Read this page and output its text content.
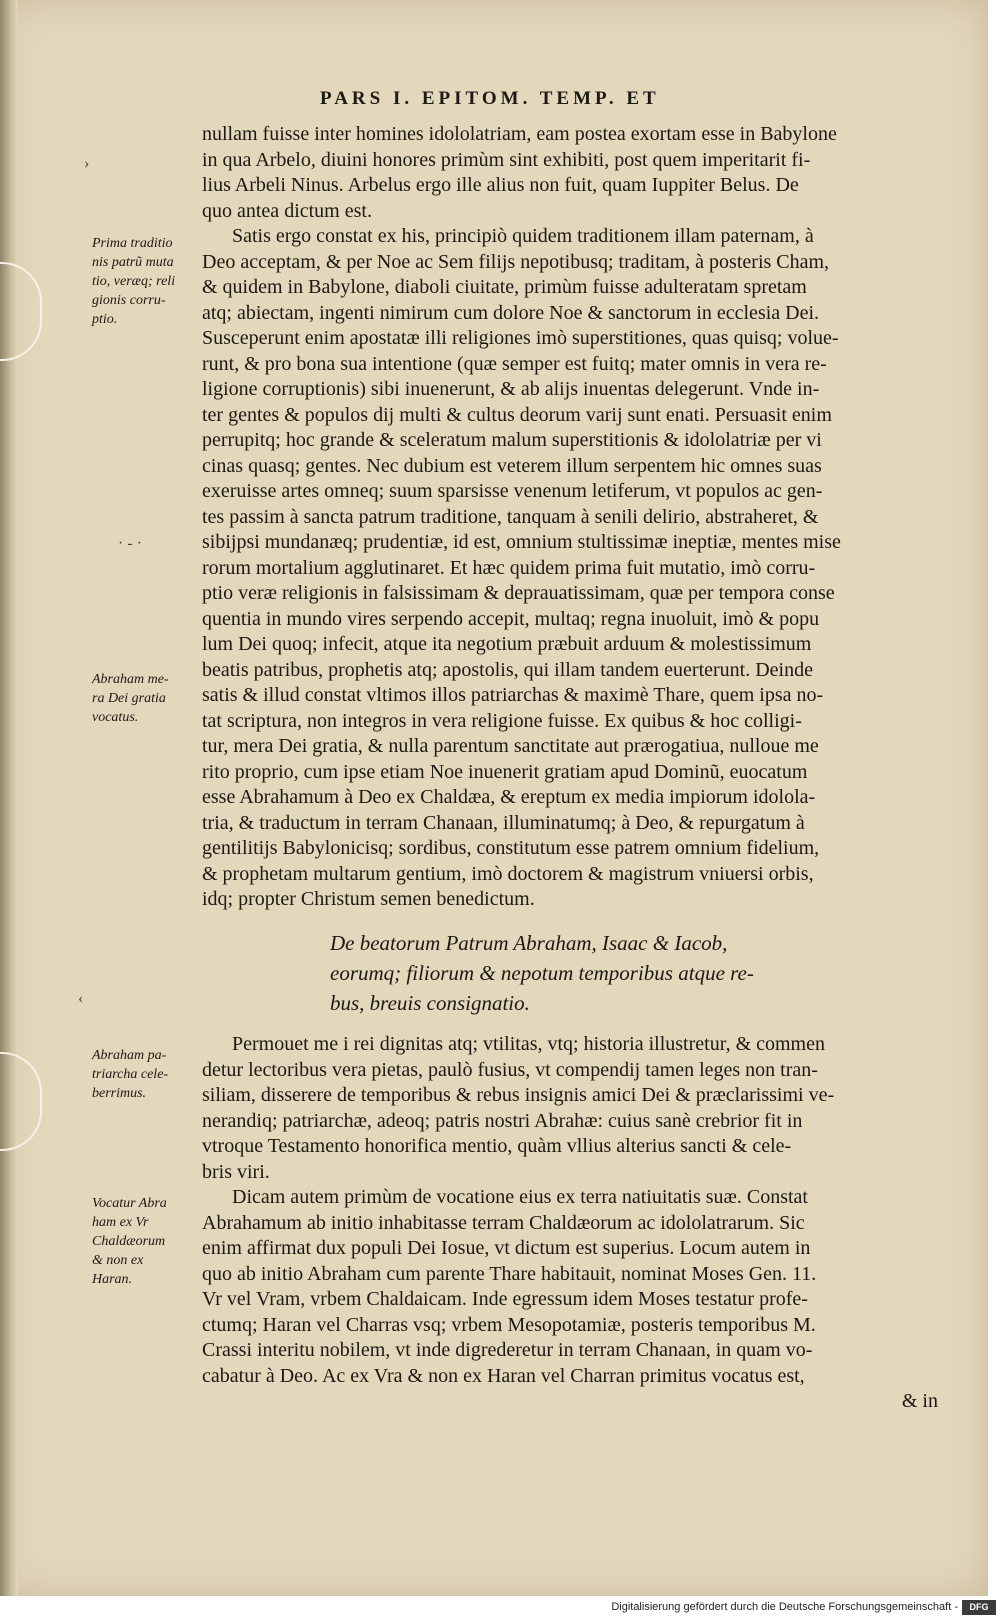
PARS I. EPITOM. TEMP. ET
nullam fuisse inter homines idololatriam, eam postea exortam esse in Babylone
in qua Arbelo, diuini honores primùm sint exhibiti, post quem imperitarit fi-
lius Arbeli Ninus. Arbelus ergo ille alius non fuit, quam Iuppiter Belus. De
quo antea dictum est.
Satis ergo constat ex his, principiò quidem traditionem illam paternam, à
Deo acceptam, & per Noe ac Sem filijs nepotibusq; traditam, à posteris Cham,
& quidem in Babylone, diaboli ciuitate, primùm fuisse adulteratam spretam
atq; abiectam, ingenti nimirum cum dolore Noe & sanctorum in ecclesia Dei.
Susceperunt enim apostatæ illi religiones imò superstitiones, quas quisq; volue-
runt, & pro bona sua intentione (quæ semper est fuitq; mater omnis in vera re-
ligione corruptionis) sibi inuenerunt, & ab alijs inuentas delegerunt. Vnde in-
ter gentes & populos dij multi & cultus deorum varij sunt enati. Persuasit enim
perrupitq; hoc grande & sceleratum malum superstitionis & idololatriæ per vi
cinas quasq; gentes. Nec dubium est veterem illum serpentem hic omnes suas
exeruisse artes omneq; suum sparsisse venenum letiferum, vt populos ac gen-
tes passim à sancta patrum traditione, tanquam à senili delirio, abstraheret, &
sibijpsi mundanæq; prudentiæ, id est, omnium stultissimæ ineptiæ, mentes mise
rorum mortalium agglutinaret. Et hæc quidem prima fuit mutatio, imò corru-
ptio veræ religionis in falsissimam & deprauatissimam, quæ per tempora conse
quentia in mundo vires serpendo accepit, multaq; regna inuoluit, imò & popu
lum Dei quoq; infecit, atque ita negotium præbuit arduum & molestissimum
beatis patribus, prophetis atq; apostolis, qui illam tandem euerterunt. Deinde
satis & illud constat vltimos illos patriarchas & maximè Thare, quem ipsa no-
tat scriptura, non integros in vera religione fuisse. Ex quibus & hoc colligi-
tur, mera Dei gratia, & nulla parentum sanctitate aut prærogatiua, nulloue me
rito proprio, cum ipse etiam Noe inuenerit gratiam apud Dominũ, euocatum
esse Abrahamum à Deo ex Chaldæa, & ereptum ex media impiorum idolola-
tria, & traductum in terram Chanaan, illuminatumq; à Deo, & repurgatum à
gentilitijs Babylonicisq; sordibus, constitutum esse patrem omnium fidelium,
& prophetam multarum gentium, imò doctorem & magistrum vniuersi orbis,
idq; propter Christum semen benedictum.
De beatorum Patrum Abraham, Isaac & Iacob,
eorumq; filiorum & nepotum temporibus atque re-
bus, breuis consignatio.
Permouet me i rei dignitas atq; vtilitas, vtq; historia illustretur, & commen
detur lectoribus vera pietas, paulò fusius, vt compendij tamen leges non tran-
siliam, disserere de temporibus & rebus insignis amici Dei & præclarissimi ve-
nerandiq; patriarchæ, adeoq; patris nostri Abrahæ: cuius sanè crebrior fit in
vtroque Testamento honorifica mentio, quàm vllius alterius sancti & cele-
bris viri.
Dicam autem primùm de vocatione eius ex terra natiuitatis suæ. Constat
Abrahamum ab initio inhabitasse terram Chaldæorum ac idololatrarum. Sic
enim affirmat dux populi Dei Iosue, vt dictum est superius. Locum autem in
quo ab initio Abraham cum parente Thare habitauit, nominat Moses Gen. 11.
Vr vel Vram, vrbem Chaldaicam. Inde egressum idem Moses testatur profe-
ctumq; Haran vel Charras vsq; vrbem Mesopotamiæ, posteris temporibus M.
Crassi interitu nobilem, vt inde digrederetur in terram Chanaan, in quam vo-
cabatur à Deo. Ac ex Vra & non ex Haran vel Charran primitus vocatus est,
& in
Prima traditio
nis patrũ muta
tio, veræq; reli
gionis corru-
ptio.
Abraham me-
ra Dei gratia
vocatus.
Abraham pa-
triarcha cele-
berrimus.
Vocatur Abra
ham ex Vr
Chaldæorum
& non ex
Haran.
›
· - ·
‹
Digitalisierung gefördert durch die Deutsche Forschungsgemeinschaft -	DFG
